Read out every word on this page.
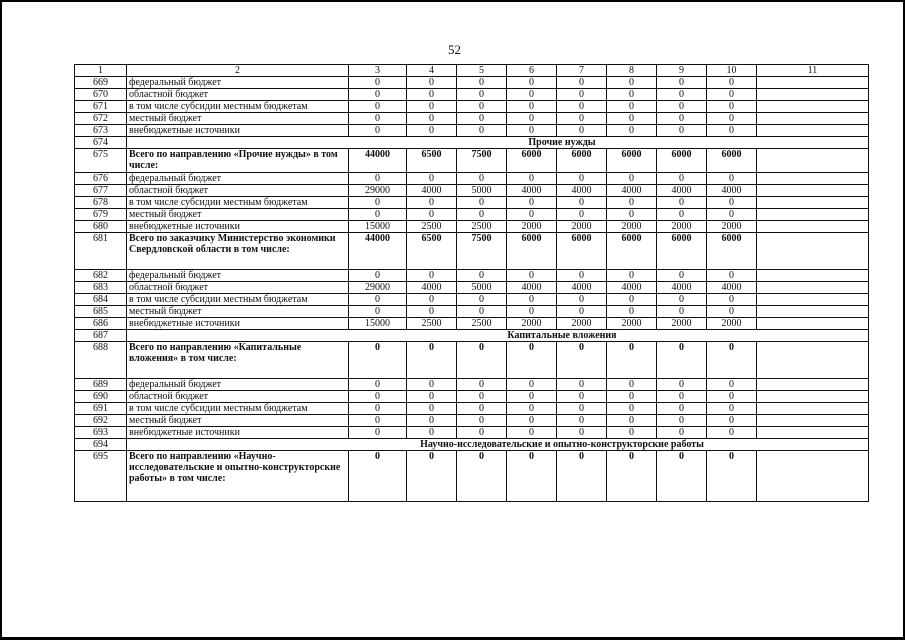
52
1	2	3	4	5	6	7	8	9	10	11
669	федеральный бюджет	0	0	0	0	0	0	0	0	
670	областной бюджет	0	0	0	0	0	0	0	0	
671	в том числе субсидии местным бюджетам	0	0	0	0	0	0	0	0	
672	местный бюджет	0	0	0	0	0	0	0	0	
673	внебюджетные источники	0	0	0	0	0	0	0	0	
674	Прочие нужды									
675	Всего по направлению «Прочие нужды» в том числе:	44000	6500	7500	6000	6000	6000	6000	6000	
676	федеральный бюджет	0	0	0	0	0	0	0	0	
677	областной бюджет	29000	4000	5000	4000	4000	4000	4000	4000	
678	в том числе субсидии местным бюджетам	0	0	0	0	0	0	0	0	
679	местный бюджет	0	0	0	0	0	0	0	0	
680	внебюджетные источники	15000	2500	2500	2000	2000	2000	2000	2000	
681	Всего по заказчику Министерство экономики Свердловской области в том числе:	44000	6500	7500	6000	6000	6000	6000	6000	
682	федеральный бюджет	0	0	0	0	0	0	0	0	
683	областной бюджет	29000	4000	5000	4000	4000	4000	4000	4000	
684	в том числе субсидии местным бюджетам	0	0	0	0	0	0	0	0	
685	местный бюджет	0	0	0	0	0	0	0	0	
686	внебюджетные источники	15000	2500	2500	2000	2000	2000	2000	2000	
687	Капитальные вложения									
688	Всего по направлению «Капитальные вложения» в том числе:	0	0	0	0	0	0	0	0	
689	федеральный бюджет	0	0	0	0	0	0	0	0	
690	областной бюджет	0	0	0	0	0	0	0	0	
691	в том числе субсидии местным бюджетам	0	0	0	0	0	0	0	0	
692	местный бюджет	0	0	0	0	0	0	0	0	
693	внебюджетные источники	0	0	0	0	0	0	0	0	
694	Научно-исследовательские и опытно-конструкторские работы									
695	Всего по направлению «Научно-исследовательские и опытно-конструкторские работы» в том числе:	0	0	0	0	0	0	0	0	
